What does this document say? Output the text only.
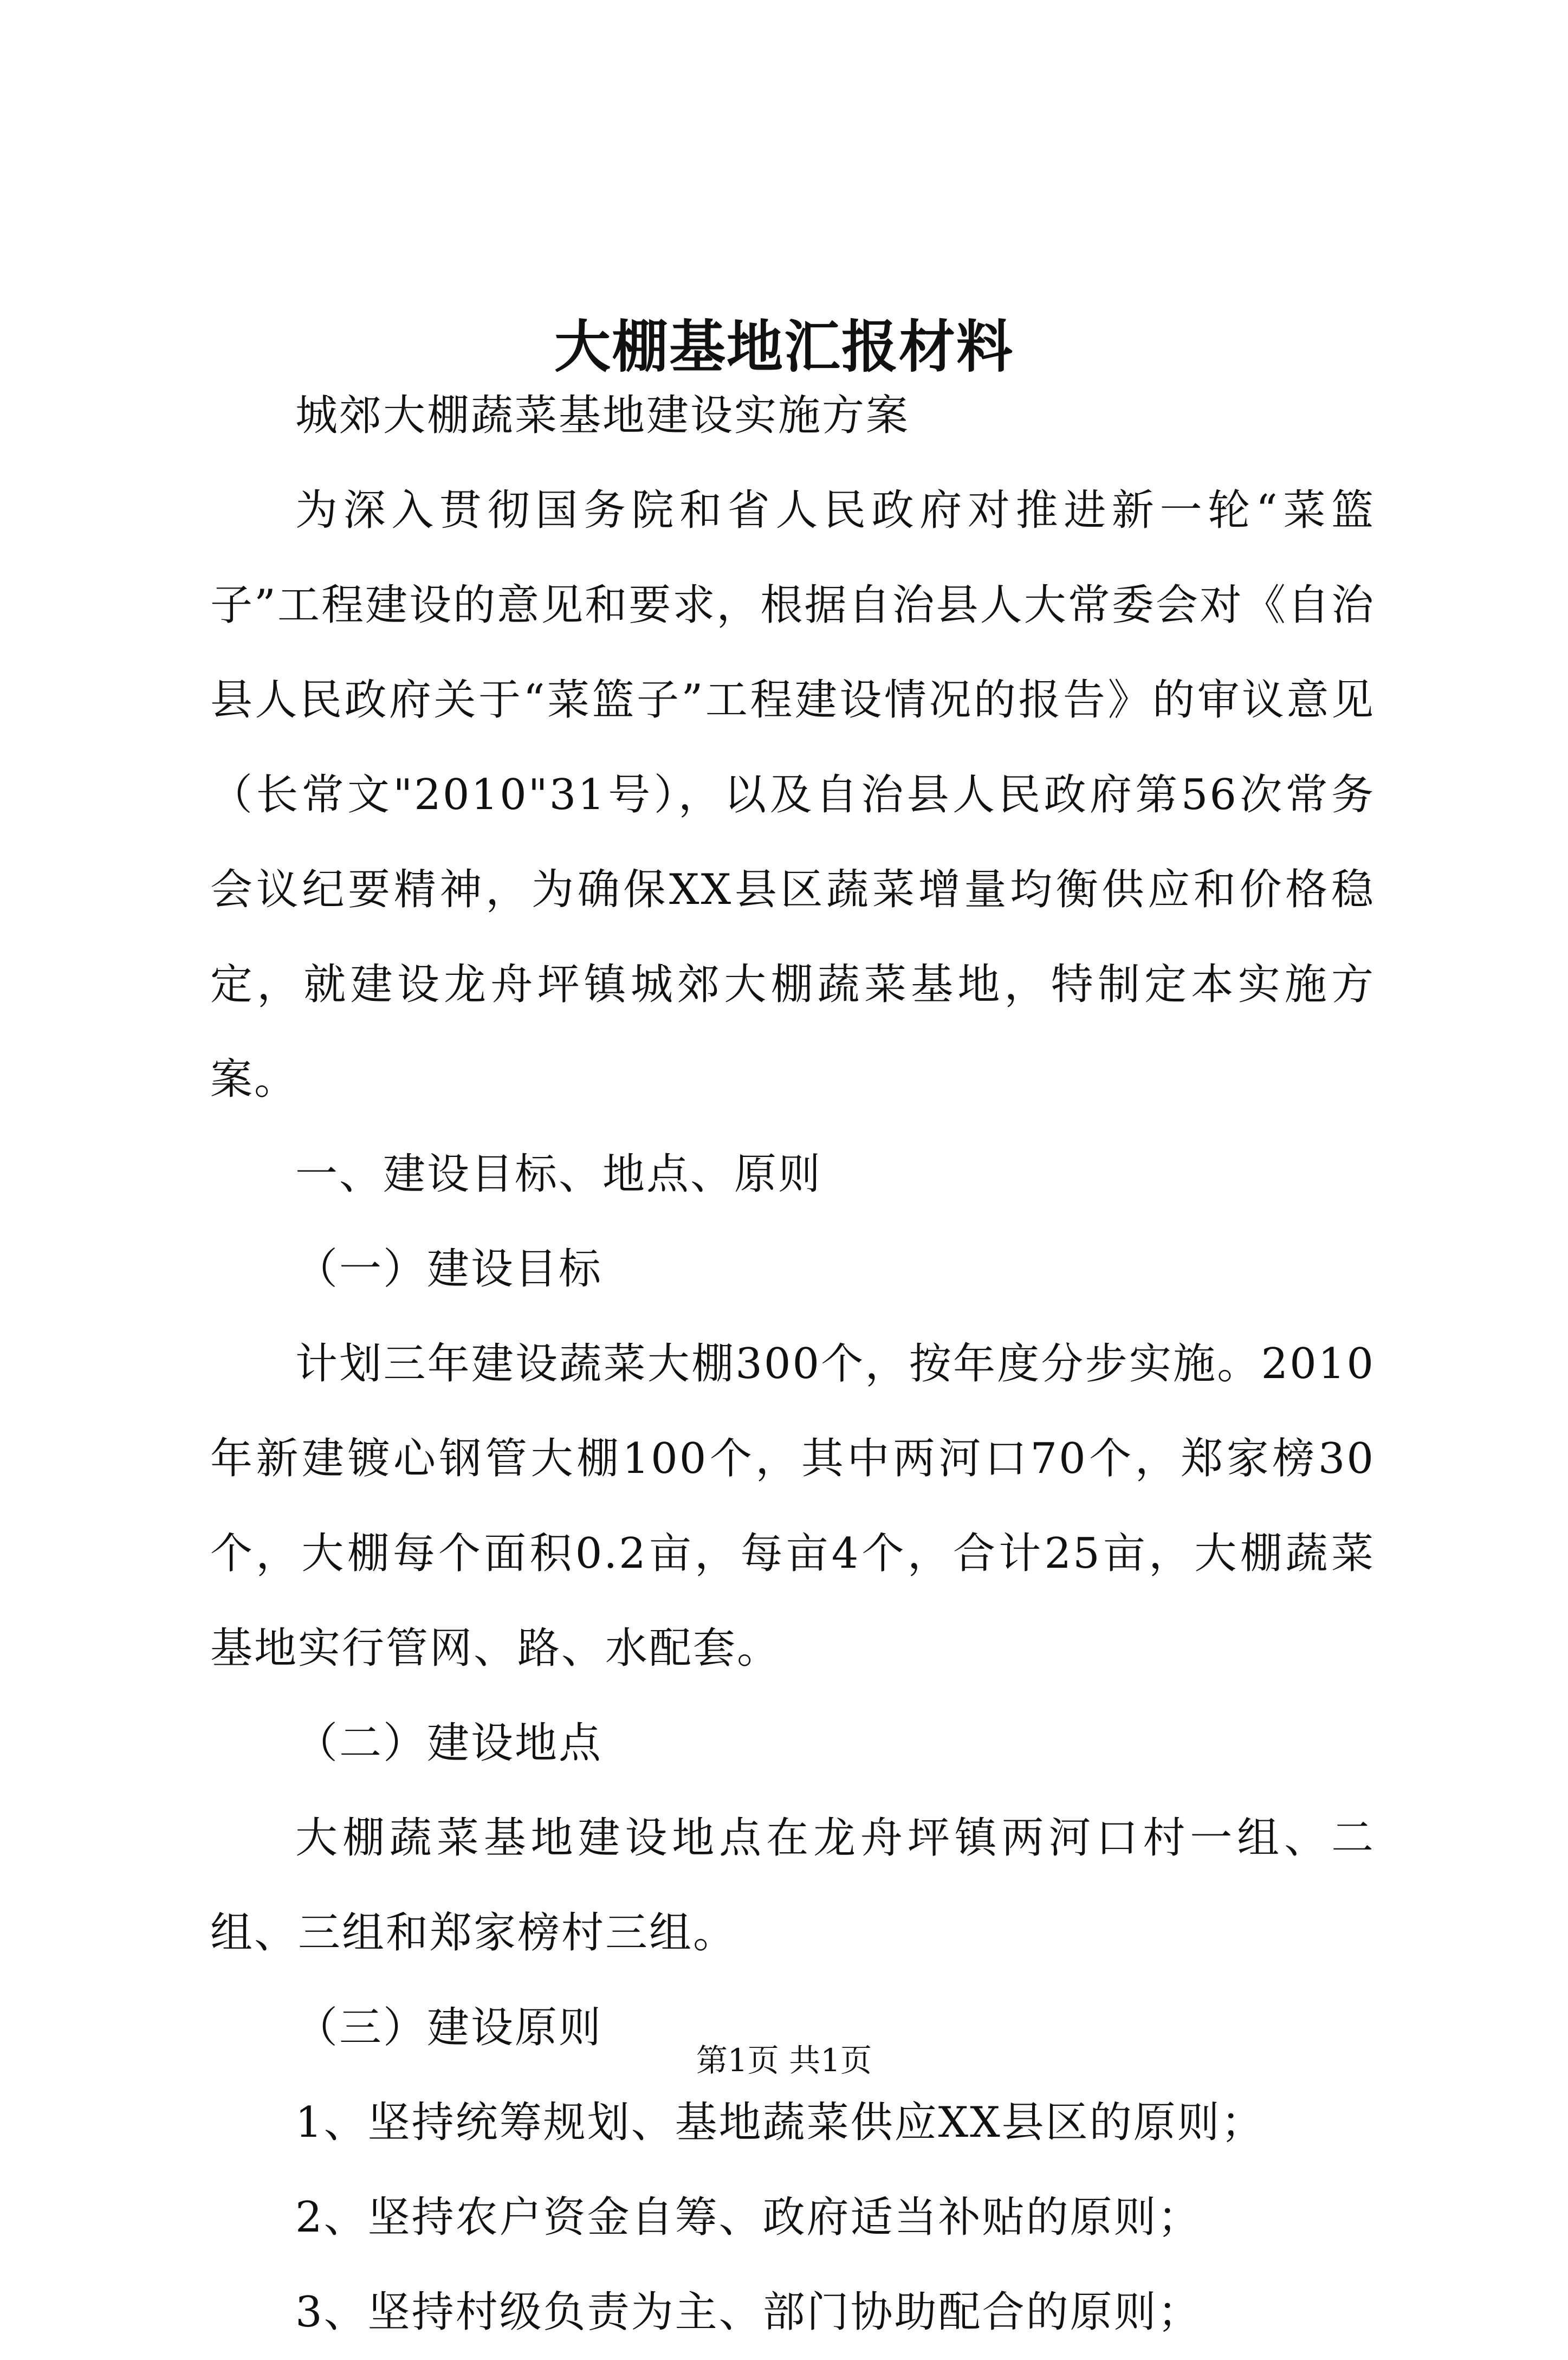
大棚基地汇报材料

城郊大棚蔬菜基地建设实施方案

为深入贯彻国务院和省人民政府对推进新一轮“菜篮子”工程建设的意见和要求，根据自治县人大常委会对《自治县人民政府关于“菜篮子”工程建设情况的报告》的审议意见（长常文"2010"31号），以及自治县人民政府第56次常务会议纪要精神，为确保XX县区蔬菜增量均衡供应和价格稳定，就建设龙舟坪镇城郊大棚蔬菜基地，特制定本实施方案。

一、建设目标、地点、原则

（一）建设目标

计划三年建设蔬菜大棚300个，按年度分步实施。2010年新建镀心钢管大棚100个，其中两河口70个，郑家榜30个，大棚每个面积0.2亩，每亩4个，合计25亩，大棚蔬菜基地实行管网、路、水配套。

（二）建设地点

大棚蔬菜基地建设地点在龙舟坪镇两河口村一组、二组、三组和郑家榜村三组。

（三）建设原则

1、坚持统筹规划、基地蔬菜供应XX县区的原则；

2、坚持农户资金自筹、政府适当补贴的原则；

3、坚持村级负责为主、部门协助配合的原则；

第1页 共1页
